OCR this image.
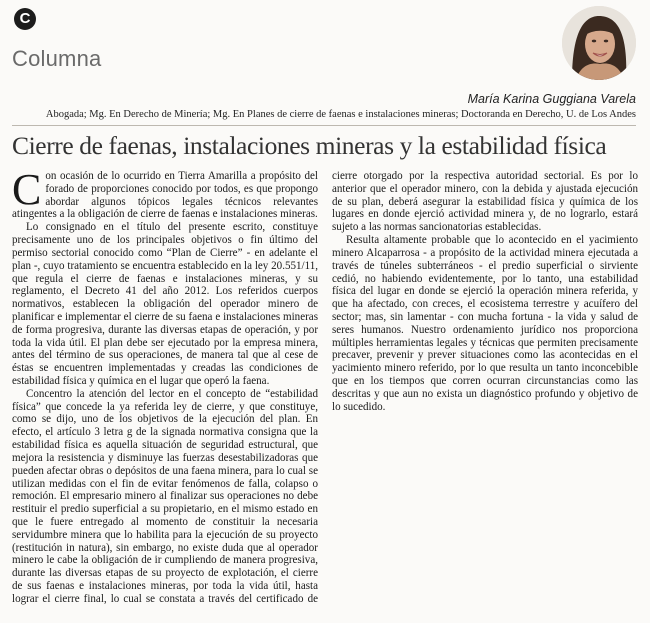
C
Columna
María Karina Guggiana Varela
Abogada; Mg. En Derecho de Minería; Mg. En Planes de cierre de faenas e instalaciones mineras; Doctoranda en Derecho, U. de Los Andes
Cierre de faenas, instalaciones mineras y la estabilidad física

Con ocasión de lo ocurrido en Tierra Amarilla a propósito del forado de proporciones conocido por todos, es que propongo abordar algunos tópicos legales técnicos relevantes atingentes a la obligación de cierre de faenas e instalaciones mineras.

Lo consignado en el título del presente escrito, constituye precisamente uno de los principales objetivos o fin último del permiso sectorial conocido como “Plan de Cierre” - en adelante el plan -, cuyo tratamiento se encuentra establecido en la ley 20.551/11, que regula el cierre de faenas e instalaciones mineras, y su reglamento, el Decreto 41 del año 2012. Los referidos cuerpos normativos, establecen la obligación del operador minero de planificar e implementar el cierre de su faena e instalaciones mineras de forma progresiva, durante las diversas etapas de operación, y por toda la vida útil. El plan debe ser ejecutado por la empresa minera, antes del término de sus operaciones, de manera tal que al cese de éstas se encuentren implementadas y creadas las condiciones de estabilidad física y química en el lugar que operó la faena.

Concentro la atención del lector en el concepto de “estabilidad física” que concede la ya referida ley de cierre, y que constituye, como se dijo, uno de los objetivos de la ejecución del plan. En efecto, el artículo 3 letra g de la signada normativa consigna que la estabilidad física es aquella situación de seguridad estructural, que mejora la resistencia y disminuye las fuerzas desestabilizadoras que pueden afectar obras o depósitos de una faena minera, para lo cual se utilizan medidas con el fin de evitar fenómenos de falla, colapso o remoción. El empresario minero al finalizar sus operaciones no debe restituir el predio superficial a su propietario, en el mismo estado en que le fuere entregado al momento de constituir la necesaria servidumbre minera que lo habilita para la ejecución de su proyecto (restitución in natura), sin embargo, no existe duda que al operador minero le cabe la obligación de ir cumpliendo de manera progresiva, durante las diversas etapas de su proyecto de explotación, el cierre de sus faenas e instalaciones mineras, por toda la vida útil, hasta lograr el cierre final, lo cual se constata a través del certificado de cierre otorgado por la respectiva autoridad sectorial. Es por lo anterior que el operador minero, con la debida y ajustada ejecución de su plan, deberá asegurar la estabilidad física y química de los lugares en donde ejerció actividad minera y, de no lograrlo, estará sujeto a las normas sancionatorias establecidas.

Resulta altamente probable que lo acontecido en el yacimiento minero Alcaparrosa - a propósito de la actividad minera ejecutada a través de túneles subterráneos - el predio superficial o sirviente cedió, no habiendo evidentemente, por lo tanto, una estabilidad física del lugar en donde se ejerció la operación minera referida, y que ha afectado, con creces, el ecosistema terrestre y acuífero del sector; mas, sin lamentar - con mucha fortuna - la vida y salud de seres humanos. Nuestro ordenamiento jurídico nos proporciona múltiples herramientas legales y técnicas que permiten precisamente precaver, prevenir y prever situaciones como las acontecidas en el yacimiento minero referido, por lo que resulta un tanto inconcebible que en los tiempos que corren ocurran circunstancias como las descritas y que aun no exista un diagnóstico profundo y objetivo de lo sucedido.
